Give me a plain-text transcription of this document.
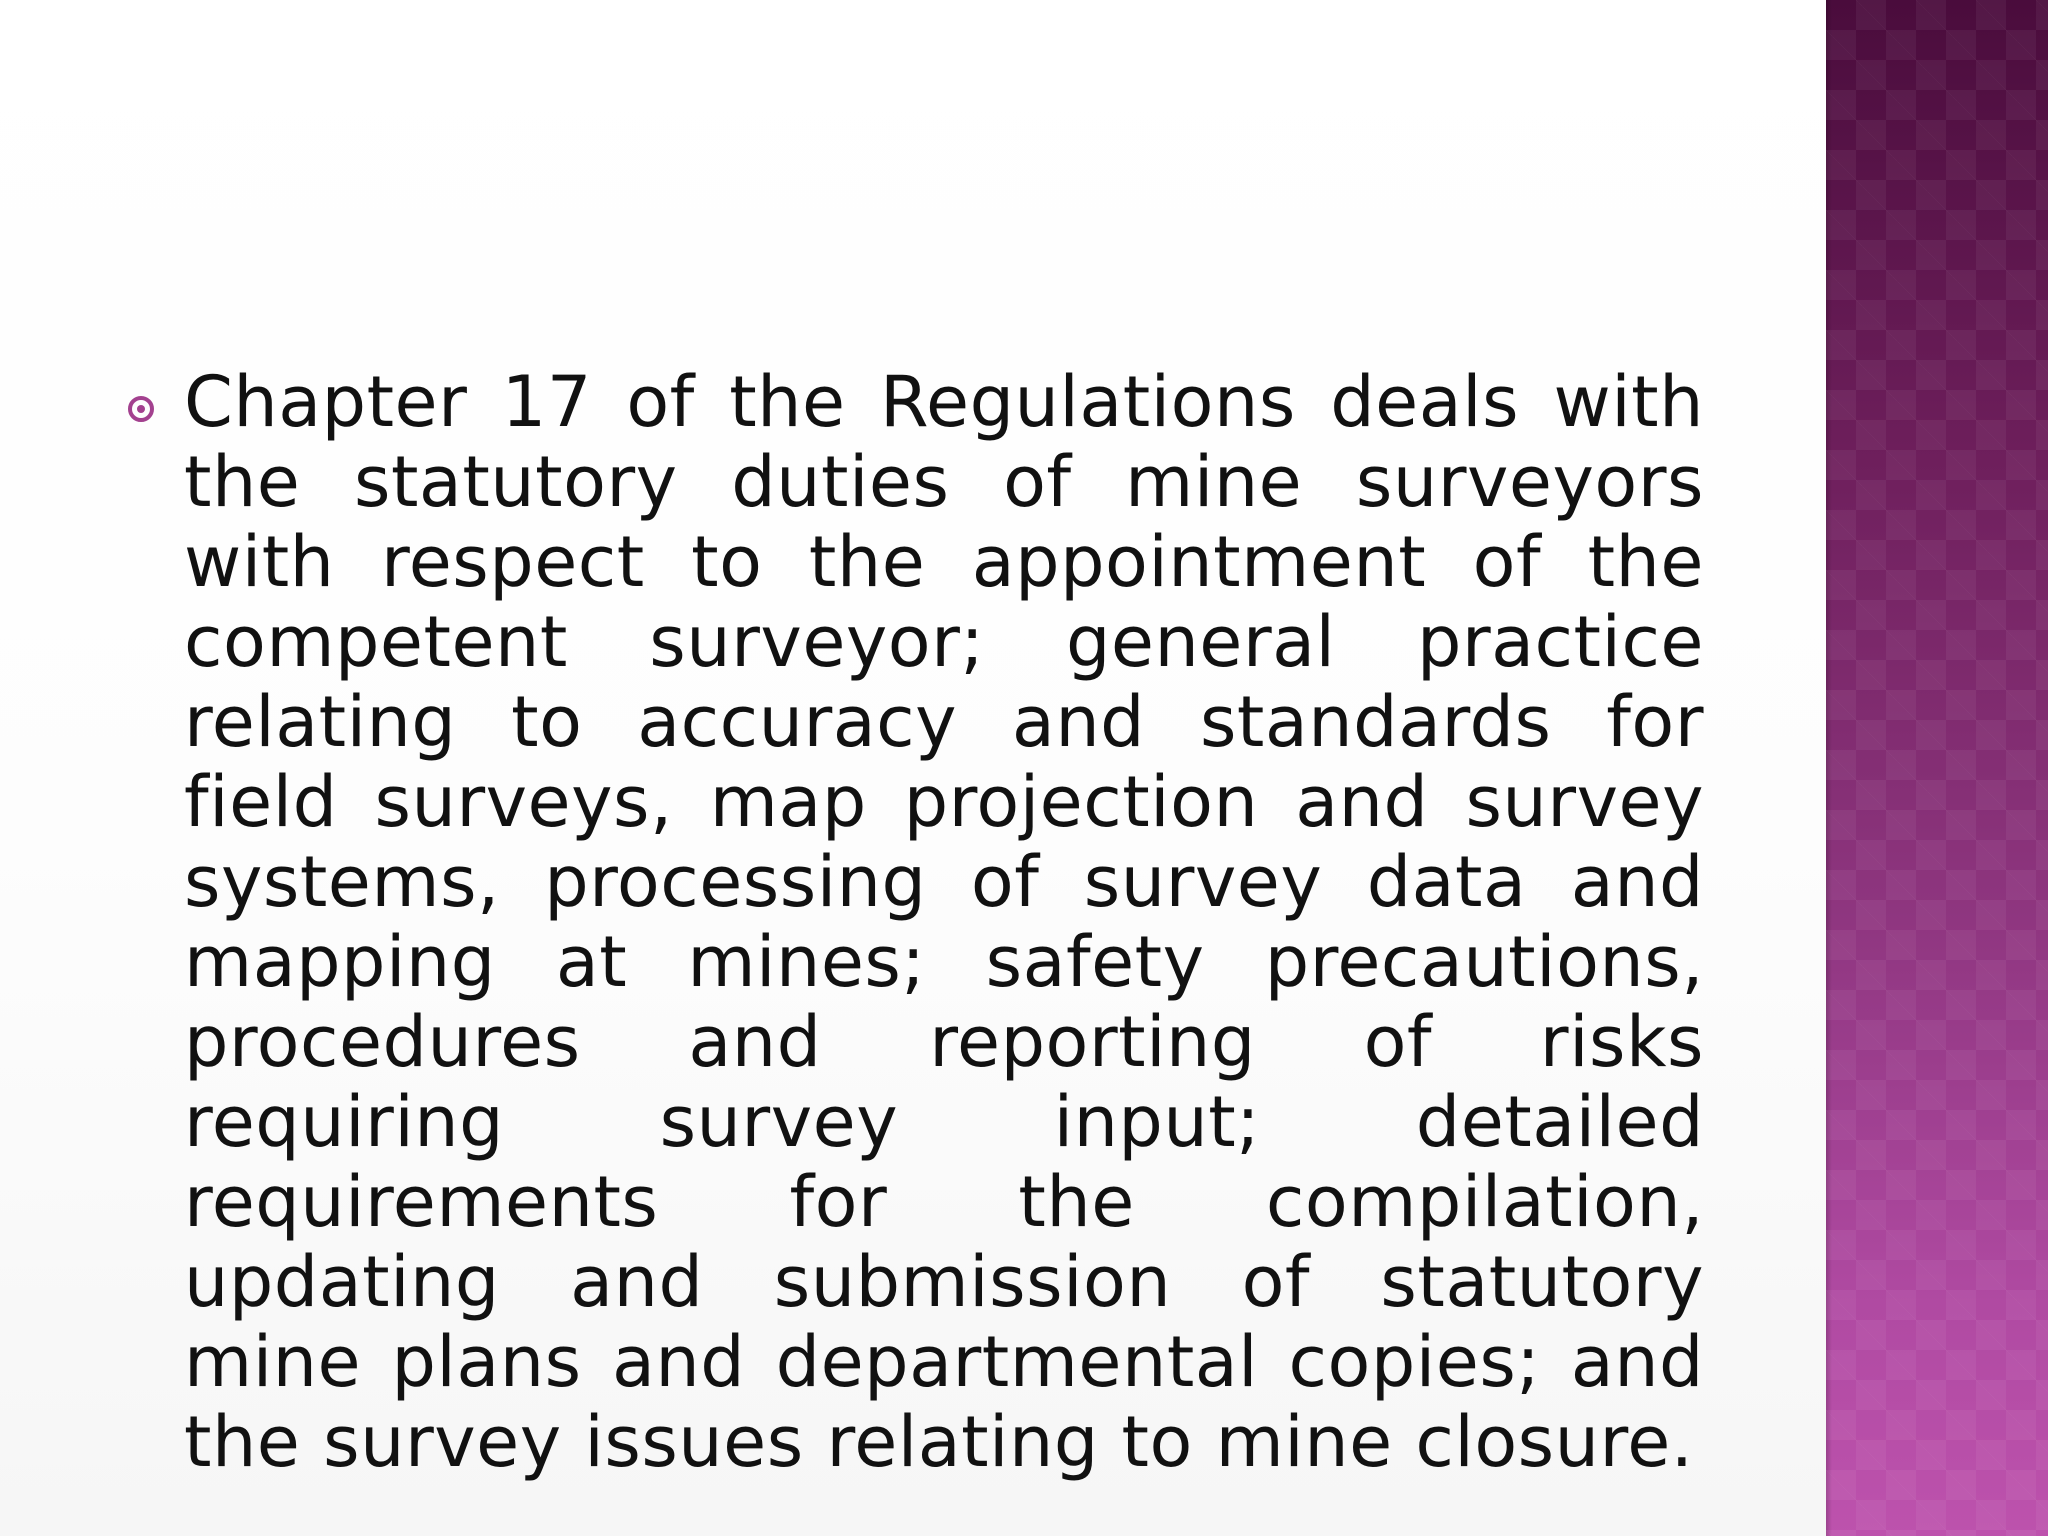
Chapter 17 of the Regulations deals with the statutory duties of mine surveyors with respect to the appointment of the competent surveyor; general practice relating to accuracy and standards for field surveys, map projection and survey systems, processing of survey data and mapping at mines; safety precautions, procedures and reporting of risks requiring survey input; detailed requirements for the compilation, updating and submission of statutory mine plans and departmental copies; and the survey issues relating to mine closure.
